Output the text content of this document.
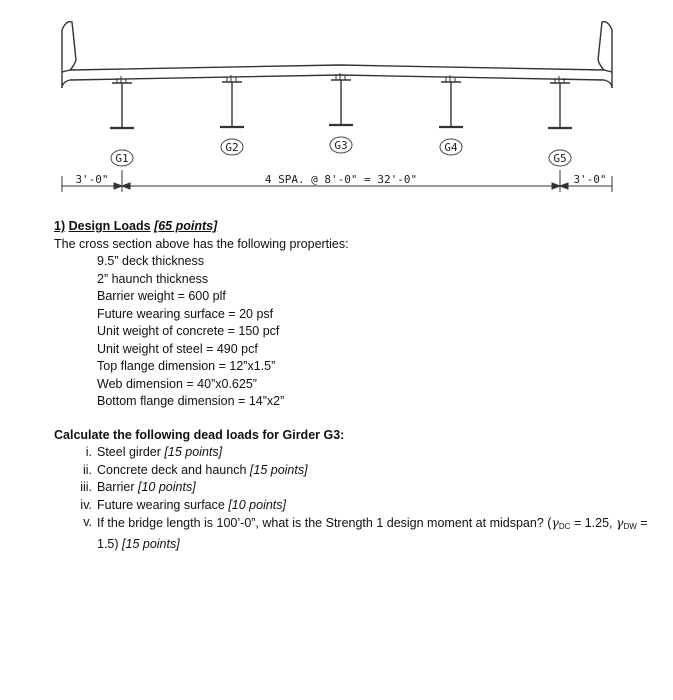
G1
G2	G3	G4
G5
3'-0"	4 SPA. @ 8'-0" = 32'-0"	3'-0"
1) Design Loads [65 points]
The cross section above has the following properties:
9.5” deck thickness
2” haunch thickness
Barrier weight = 600 plf
Future wearing surface = 20 psf
Unit weight of concrete = 150 pcf
Unit weight of steel = 490 pcf
Top flange dimension = 12”x1.5”
Web dimension = 40”x0.625”
Bottom flange dimension = 14”x2”
Calculate the following dead loads for Girder G3:
i. Steel girder [15 points]
ii. Concrete deck and haunch [15 points]
iii. Barrier [10 points]
iv. Future wearing surface [10 points]
v. If the bridge length is 100’-0”, what is the Strength 1 design moment at midspan? ($\gamma_{DC} = 1.25$, $\gamma_{DW} = 1.5$) [15 points]
